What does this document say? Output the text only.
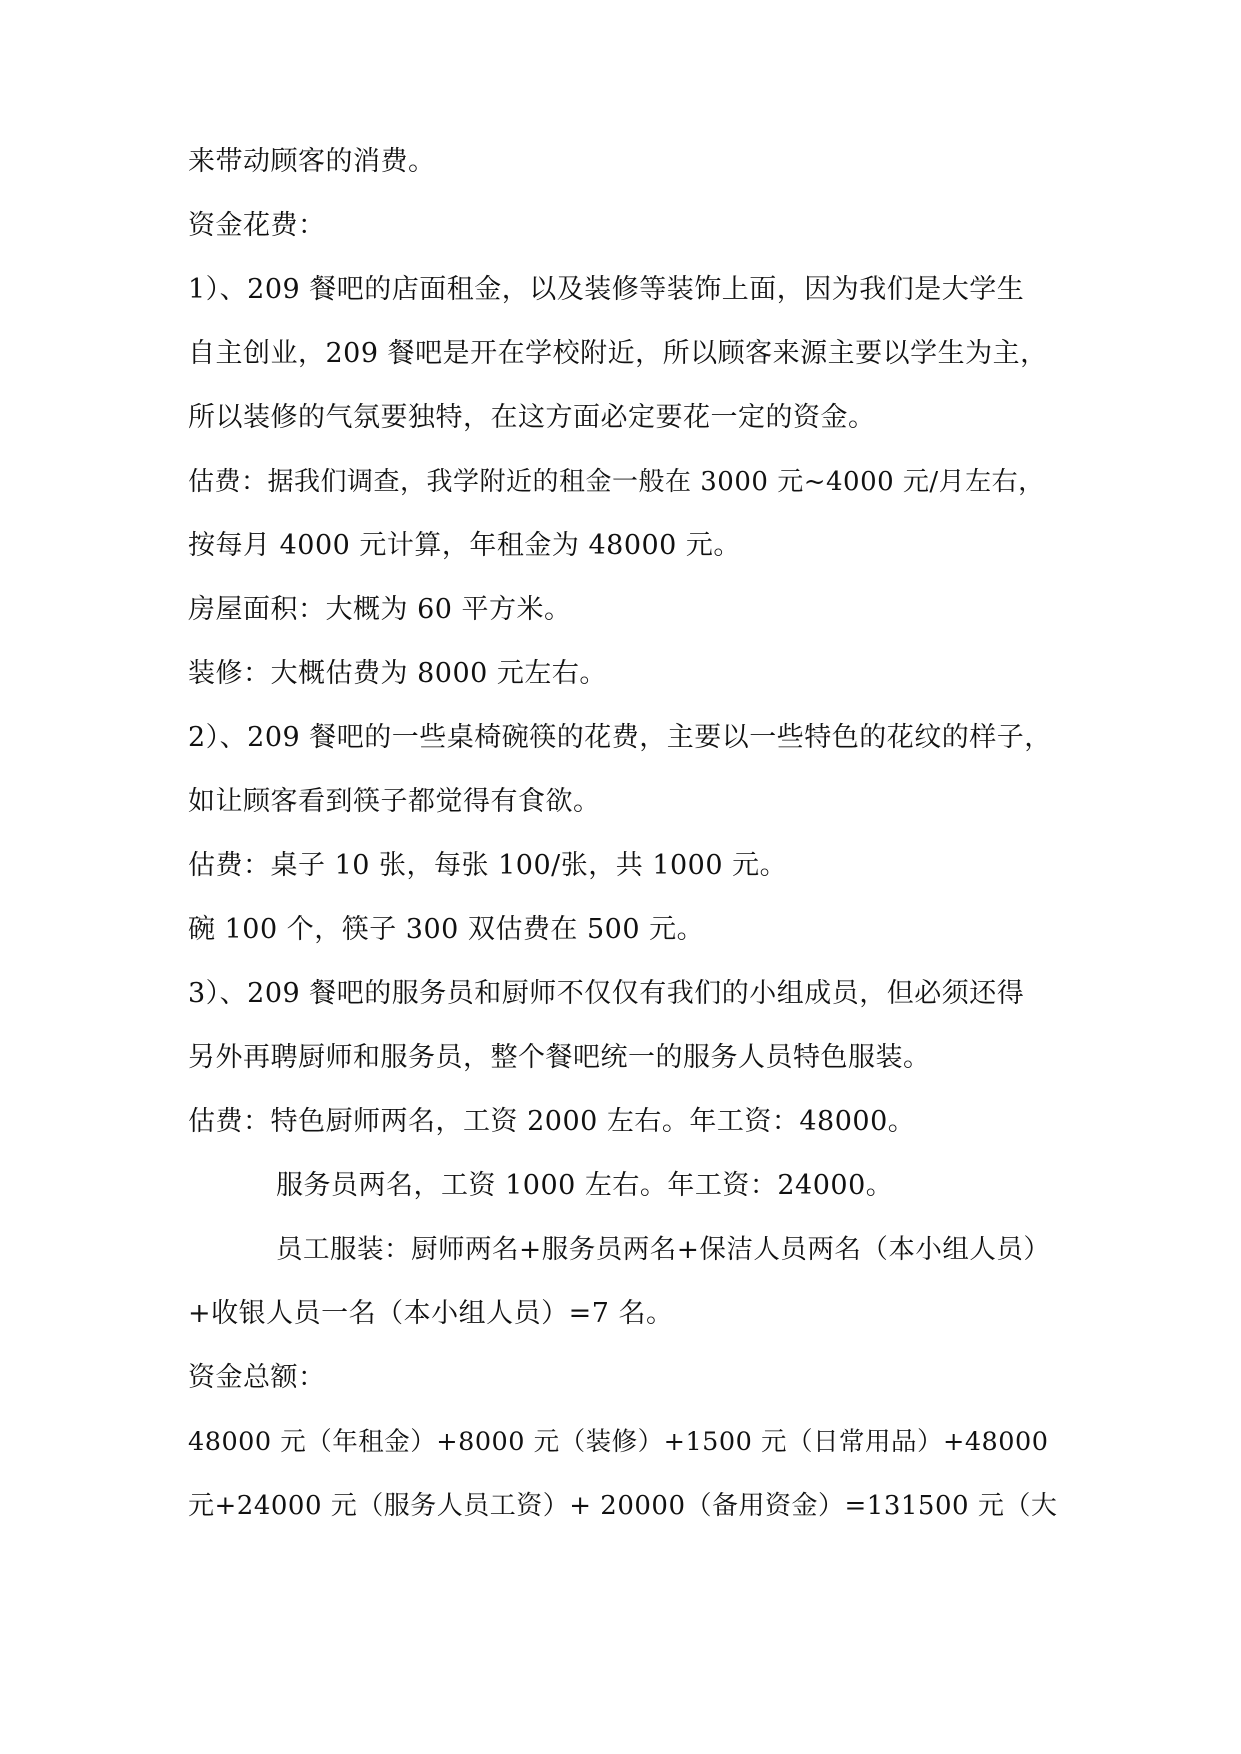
来带动顾客的消费。
资金花费：
1）、209 餐吧的店面租金，以及装修等装饰上面，因为我们是大学生
自主创业，209 餐吧是开在学校附近，所以顾客来源主要以学生为主，
所以装修的气氛要独特，在这方面必定要花一定的资金。
估费：据我们调查，我学附近的租金一般在 3000 元~4000 元/月左右，
按每月 4000 元计算，年租金为 48000 元。
房屋面积：大概为 60 平方米。
装修：大概估费为 8000 元左右。
2）、209 餐吧的一些桌椅碗筷的花费，主要以一些特色的花纹的样子，
如让顾客看到筷子都觉得有食欲。
估费：桌子 10 张，每张 100/张，共 1000 元。
碗 100 个，筷子 300 双估费在 500 元。
3）、209 餐吧的服务员和厨师不仅仅有我们的小组成员，但必须还得
另外再聘厨师和服务员，整个餐吧统一的服务人员特色服装。
估费：特色厨师两名，工资 2000 左右。年工资：48000。
服务员两名，工资 1000 左右。年工资：24000。
员工服装：厨师两名+服务员两名+保洁人员两名（本小组人员）
+收银人员一名（本小组人员）=7 名。
资金总额：
48000 元（年租金）+8000 元（装修）+1500 元（日常用品）+48000
元+24000 元（服务人员工资）+ 20000（备用资金）=131500 元（大
